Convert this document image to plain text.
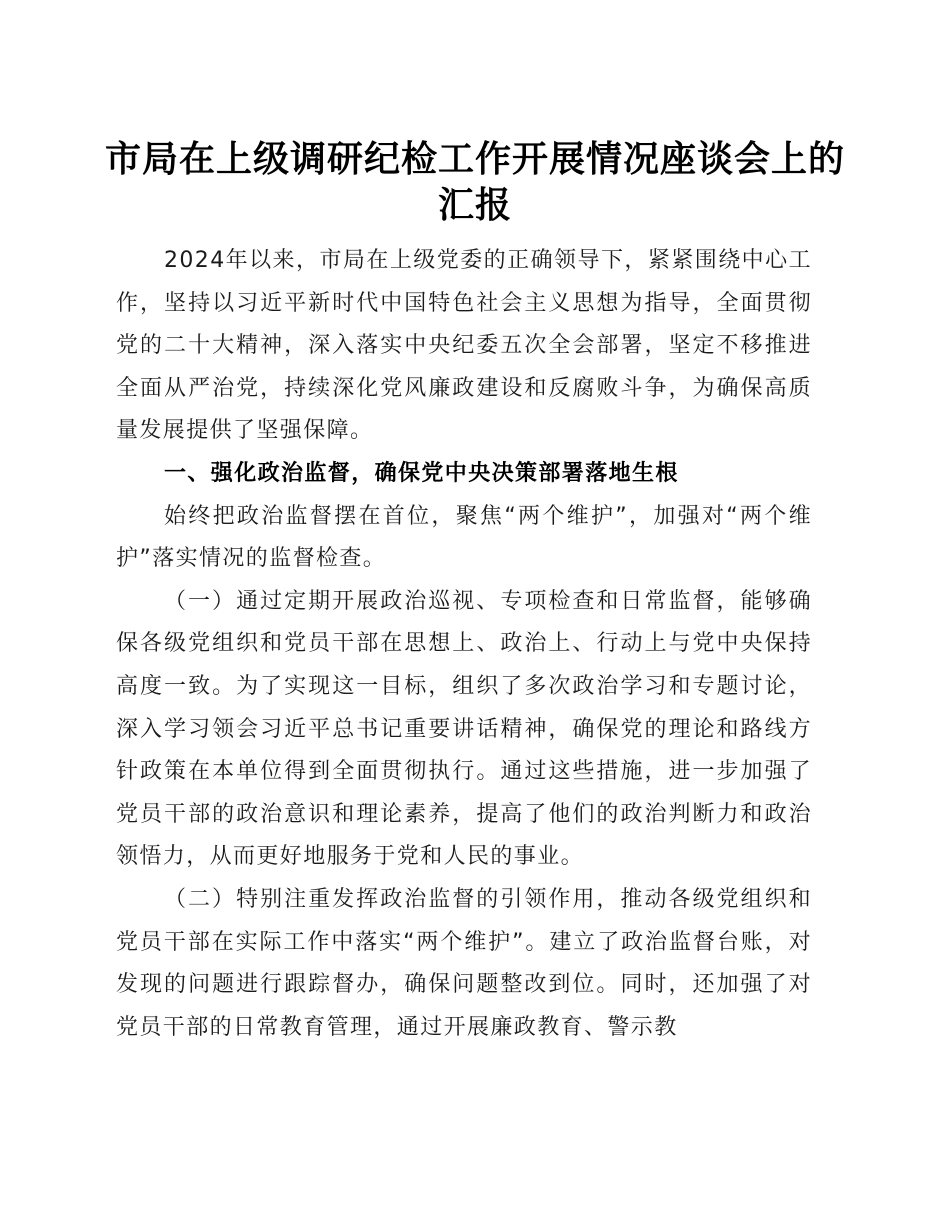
市局在上级调研纪检工作开展情况座谈会上的汇报

2024年以来，市局在上级党委的正确领导下，紧紧围绕中心工作，坚持以习近平新时代中国特色社会主义思想为指导，全面贯彻党的二十大精神，深入落实中央纪委五次全会部署，坚定不移推进全面从严治党，持续深化党风廉政建设和反腐败斗争，为确保高质量发展提供了坚强保障。

一、强化政治监督，确保党中央决策部署落地生根

始终把政治监督摆在首位，聚焦“两个维护”，加强对“两个维护”落实情况的监督检查。

（一）通过定期开展政治巡视、专项检查和日常监督，能够确保各级党组织和党员干部在思想上、政治上、行动上与党中央保持高度一致。为了实现这一目标，组织了多次政治学习和专题讨论，深入学习领会习近平总书记重要讲话精神，确保党的理论和路线方针政策在本单位得到全面贯彻执行。通过这些措施，进一步加强了党员干部的政治意识和理论素养，提高了他们的政治判断力和政治领悟力，从而更好地服务于党和人民的事业。

（二）特别注重发挥政治监督的引领作用，推动各级党组织和党员干部在实际工作中落实“两个维护”。建立了政治监督台账，对发现的问题进行跟踪督办，确保问题整改到位。同时，还加强了对党员干部的日常教育管理，通过开展廉政教育、警示教
